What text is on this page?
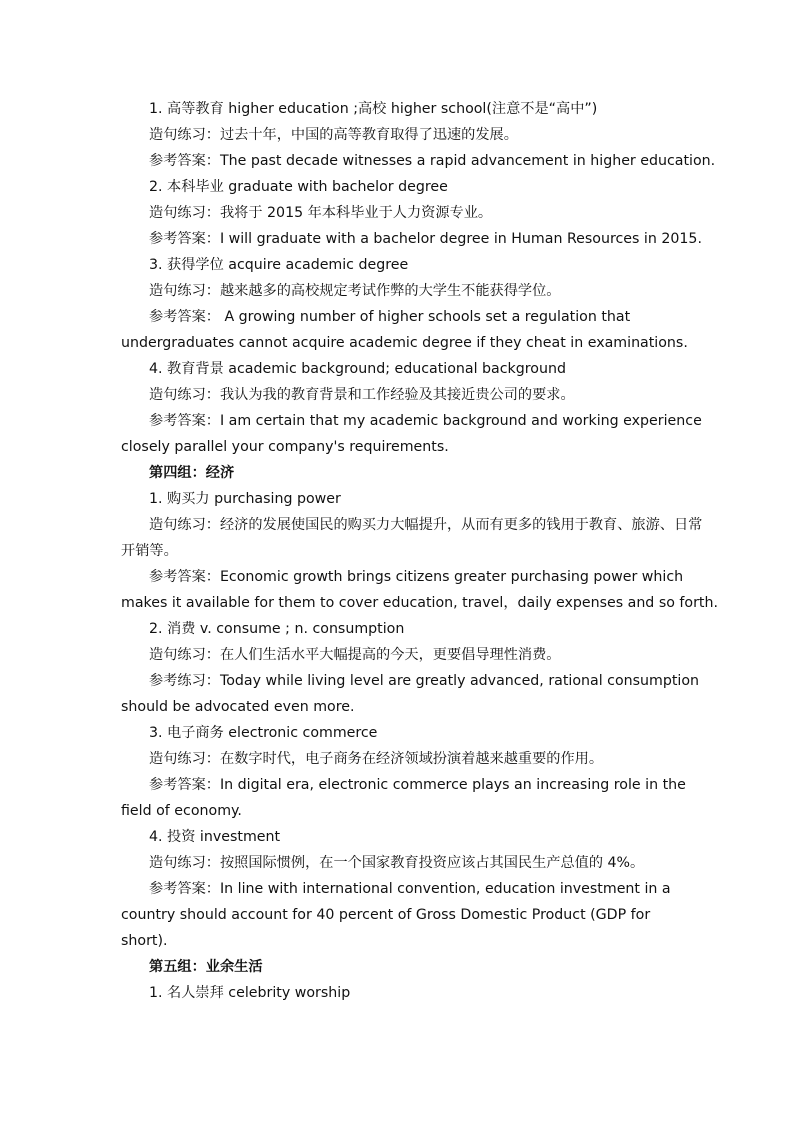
1. 高等教育 higher education ;高校 higher school(注意不是“高中”)
造句练习：过去十年，中国的高等教育取得了迅速的发展。
参考答案：The past decade witnesses a rapid advancement in higher education.
2. 本科毕业 graduate with bachelor degree
造句练习：我将于 2015 年本科毕业于人力资源专业。
参考答案：I will graduate with a bachelor degree in Human Resources in 2015.
3. 获得学位 acquire academic degree
造句练习：越来越多的高校规定考试作弊的大学生不能获得学位。
参考答案： A growing number of higher schools set a regulation that
undergraduates cannot acquire academic degree if they cheat in examinations.
4. 教育背景 academic background; educational background
造句练习：我认为我的教育背景和工作经验及其接近贵公司的要求。
参考答案：I am certain that my academic background and working experience
closely parallel your company's requirements.
第四组：经济
1. 购买力 purchasing power
造句练习：经济的发展使国民的购买力大幅提升，从而有更多的钱用于教育、旅游、日常
开销等。
参考答案：Economic growth brings citizens greater purchasing power which
makes it available for them to cover education, travel，daily expenses and so forth.
2. 消费 v. consume ; n. consumption
造句练习：在人们生活水平大幅提高的今天，更要倡导理性消费。
参考练习：Today while living level are greatly advanced, rational consumption
should be advocated even more.
3. 电子商务 electronic commerce
造句练习：在数字时代，电子商务在经济领域扮演着越来越重要的作用。
参考答案：In digital era, electronic commerce plays an increasing role in the
field of economy.
4. 投资 investment
造句练习：按照国际惯例，在一个国家教育投资应该占其国民生产总值的 4%。
参考答案：In line with international convention, education investment in a
country should account for 40 percent of Gross Domestic Product (GDP for
short).
第五组：业余生活
1. 名人崇拜 celebrity worship
